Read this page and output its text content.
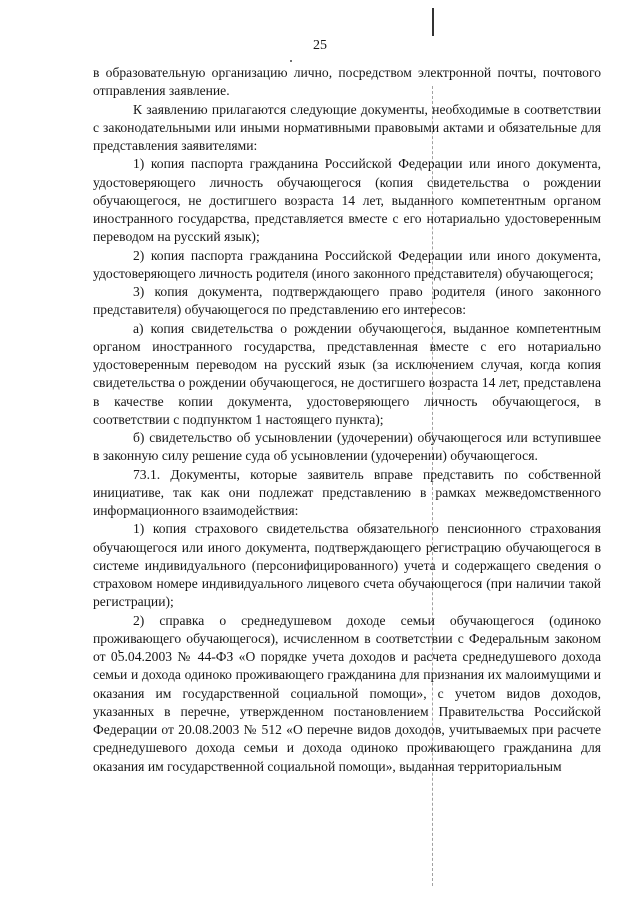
25

в образовательную организацию лично, посредством электронной почты, почтового отправления заявление.

К заявлению прилагаются следующие документы, необходимые в соответствии с законодательными или иными нормативными правовыми актами и обязательные для представления заявителями:

1) копия паспорта гражданина Российской Федерации или иного документа, удостоверяющего личность обучающегося (копия свидетельства о рождении обучающегося, не достигшего возраста 14 лет, выданного компетентным органом иностранного государства, представляется вместе с его нотариально удостоверенным переводом на русский язык);

2) копия паспорта гражданина Российской Федерации или иного документа, удостоверяющего личность родителя (иного законного представителя) обучающегося;

3) копия документа, подтверждающего право родителя (иного законного представителя) обучающегося по представлению его интересов:

а) копия свидетельства о рождении обучающегося, выданное компетентным органом иностранного государства, представленная вместе с его нотариально удостоверенным переводом на русский язык (за исключением случая, когда копия свидетельства о рождении обучающегося, не достигшего возраста 14 лет, представлена в качестве копии документа, удостоверяющего личность обучающегося, в соответствии с подпунктом 1 настоящего пункта);

б) свидетельство об усыновлении (удочерении) обучающегося или вступившее в законную силу решение суда об усыновлении (удочерении) обучающегося.

73.1. Документы, которые заявитель вправе представить по собственной инициативе, так как они подлежат представлению в рамках межведомственного информационного взаимодействия:

1) копия страхового свидетельства обязательного пенсионного страхования обучающегося или иного документа, подтверждающего регистрацию обучающегося в системе индивидуального (персонифицированного) учета и содержащего сведения о страховом номере индивидуального лицевого счета обучающегося (при наличии такой регистрации);

2) справка о среднедушевом доходе семьи обучающегося (одиноко проживающего обучающегося), исчисленном в соответствии с Федеральным законом от 05.04.2003 № 44-ФЗ «О порядке учета доходов и расчета среднедушевого дохода семьи и дохода одиноко проживающего гражданина для признания их малоимущими и оказания им государственной социальной помощи», с учетом видов доходов, указанных в перечне, утвержденном постановлением Правительства Российской Федерации от 20.08.2003 № 512 «О перечне видов доходов, учитываемых при расчете среднедушевого дохода семьи и дохода одиноко проживающего гражданина для оказания им государственной социальной помощи», выданная территориальным
